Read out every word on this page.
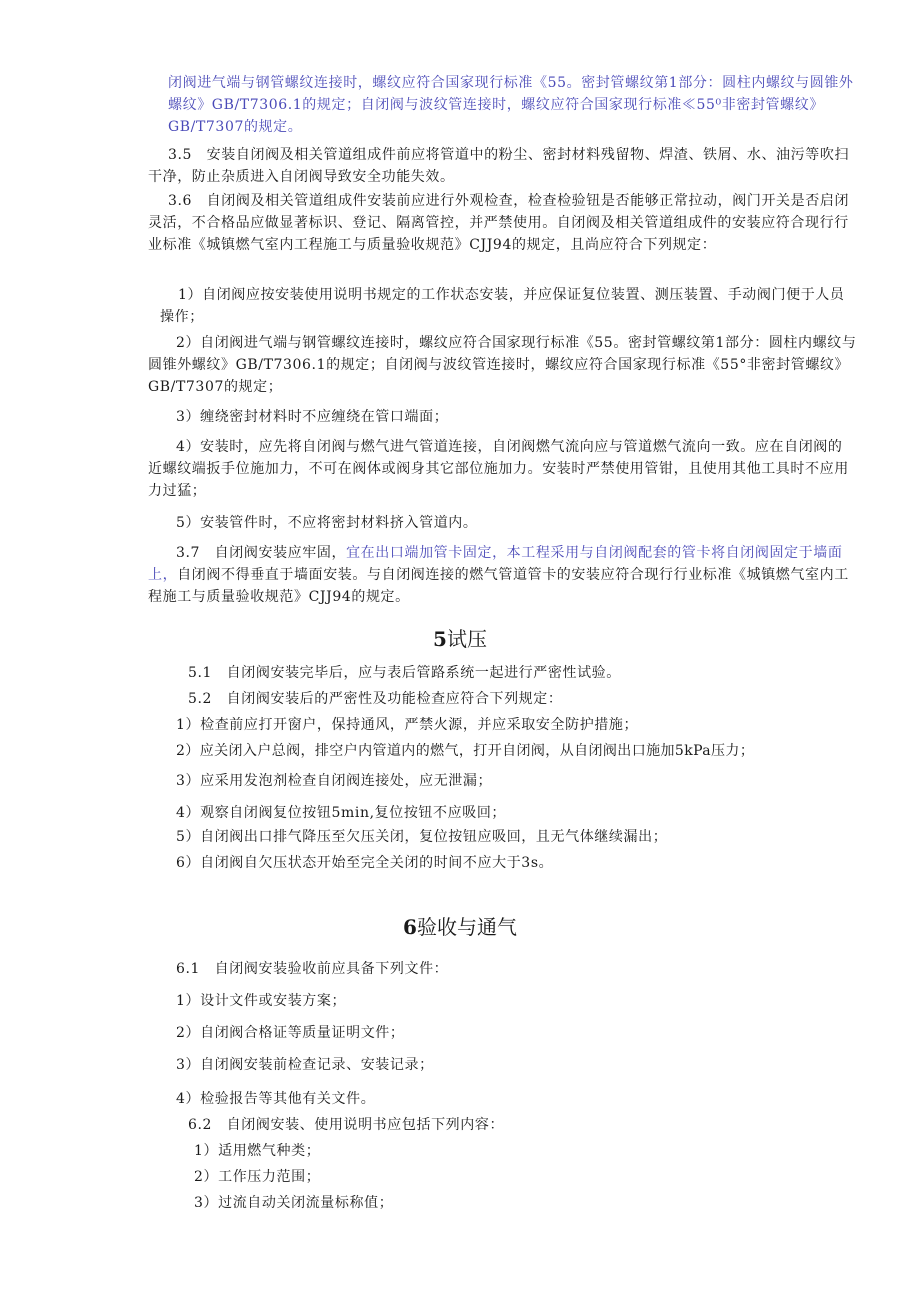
闭阀进气端与钢管螺纹连接时，螺纹应符合国家现行标准《55。密封管螺纹第1部分：圆柱内螺纹与圆锥外螺纹》GB/T7306.1的规定；自闭阀与波纹管连接时，螺纹应符合国家现行标准≪55⁰非密封管螺纹》GB/T7307的规定。
3.5　安装自闭阀及相关管道组成件前应将管道中的粉尘、密封材料残留物、焊渣、铁屑、水、油污等吹扫干净，防止杂质进入自闭阀导致安全功能失效。
3.6　自闭阀及相关管道组成件安装前应进行外观检查，检查检验钮是否能够正常拉动，阀门开关是否启闭灵活，不合格品应做显著标识、登记、隔离管控，并严禁使用。自闭阀及相关管道组成件的安装应符合现行行业标准《城镇燃气室内工程施工与质量验收规范》CJJ94的规定，且尚应符合下列规定：
1）自闭阀应按安装使用说明书规定的工作状态安装，并应保证复位装置、测压装置、手动阀门便于人员操作；
2）自闭阀进气端与钢管螺纹连接时，螺纹应符合国家现行标准《55。密封管螺纹第1部分：圆柱内螺纹与圆锥外螺纹》GB/T7306.1的规定；自闭阀与波纹管连接时，螺纹应符合国家现行标准《55°非密封管螺纹》GB/T7307的规定；
3）缠绕密封材料时不应缠绕在管口端面；
4）安装时，应先将自闭阀与燃气进气管道连接，自闭阀燃气流向应与管道燃气流向一致。应在自闭阀的近螺纹端扳手位施加力，不可在阀体或阀身其它部位施加力。安装时严禁使用管钳，且使用其他工具时不应用力过猛；
5）安装管件时，不应将密封材料挤入管道内。
3.7　自闭阀安装应牢固，宜在出口端加管卡固定，本工程采用与自闭阀配套的管卡将自闭阀固定于墙面上，自闭阀不得垂直于墙面安装。与自闭阀连接的燃气管道管卡的安装应符合现行行业标准《城镇燃气室内工程施工与质量验收规范》CJJ94的规定。
5试压
5.1　自闭阀安装完毕后，应与表后管路系统一起进行严密性试验。
5.2　自闭阀安装后的严密性及功能检查应符合下列规定：
1）检查前应打开窗户，保持通风，严禁火源，并应采取安全防护措施；
2）应关闭入户总阀，排空户内管道内的燃气，打开自闭阀，从自闭阀出口施加5kPa压力；
3）应采用发泡剂检查自闭阀连接处，应无泄漏；
4）观察自闭阀复位按钮5min,复位按钮不应吸回；
5）自闭阀出口排气降压至欠压关闭，复位按钮应吸回，且无气体继续漏出；
6）自闭阀自欠压状态开始至完全关闭的时间不应大于3s。
6验收与通气
6.1　自闭阀安装验收前应具备下列文件：
1）设计文件或安装方案；
2）自闭阀合格证等质量证明文件；
3）自闭阀安装前检查记录、安装记录；
4）检验报告等其他有关文件。
6.2　自闭阀安装、使用说明书应包括下列内容：
1）适用燃气种类；
2）工作压力范围；
3）过流自动关闭流量标称值；
